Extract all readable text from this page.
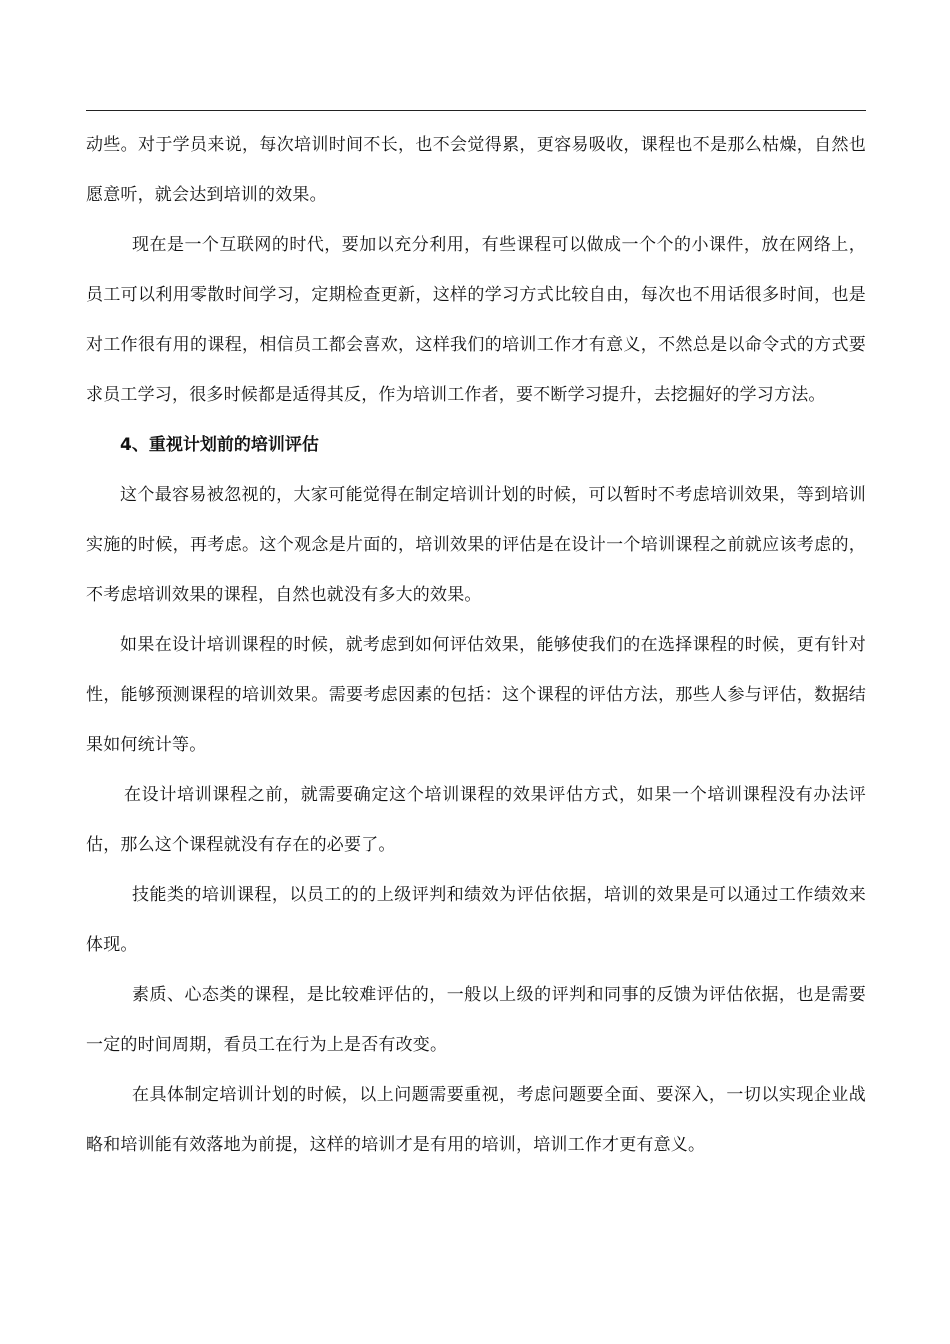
动些。对于学员来说，每次培训时间不长，也不会觉得累，更容易吸收，课程也不是那么枯燥，自然也愿意听，就会达到培训的效果。

现在是一个互联网的时代，要加以充分利用，有些课程可以做成一个个的小课件，放在网络上，员工可以利用零散时间学习，定期检查更新，这样的学习方式比较自由，每次也不用话很多时间，也是对工作很有用的课程，相信员工都会喜欢，这样我们的培训工作才有意义，不然总是以命令式的方式要求员工学习，很多时候都是适得其反，作为培训工作者，要不断学习提升，去挖掘好的学习方法。

4、重视计划前的培训评估

这个最容易被忽视的，大家可能觉得在制定培训计划的时候，可以暂时不考虑培训效果，等到培训实施的时候，再考虑。这个观念是片面的，培训效果的评估是在设计一个培训课程之前就应该考虑的，不考虑培训效果的课程，自然也就没有多大的效果。

如果在设计培训课程的时候，就考虑到如何评估效果，能够使我们的在选择课程的时候，更有针对性，能够预测课程的培训效果。需要考虑因素的包括：这个课程的评估方法，那些人参与评估，数据结果如何统计等。

在设计培训课程之前，就需要确定这个培训课程的效果评估方式，如果一个培训课程没有办法评估，那么这个课程就没有存在的必要了。

技能类的培训课程，以员工的的上级评判和绩效为评估依据，培训的效果是可以通过工作绩效来体现。

素质、心态类的课程，是比较难评估的，一般以上级的评判和同事的反馈为评估依据，也是需要一定的时间周期，看员工在行为上是否有改变。

在具体制定培训计划的时候，以上问题需要重视，考虑问题要全面、要深入，一切以实现企业战略和培训能有效落地为前提，这样的培训才是有用的培训，培训工作才更有意义。
